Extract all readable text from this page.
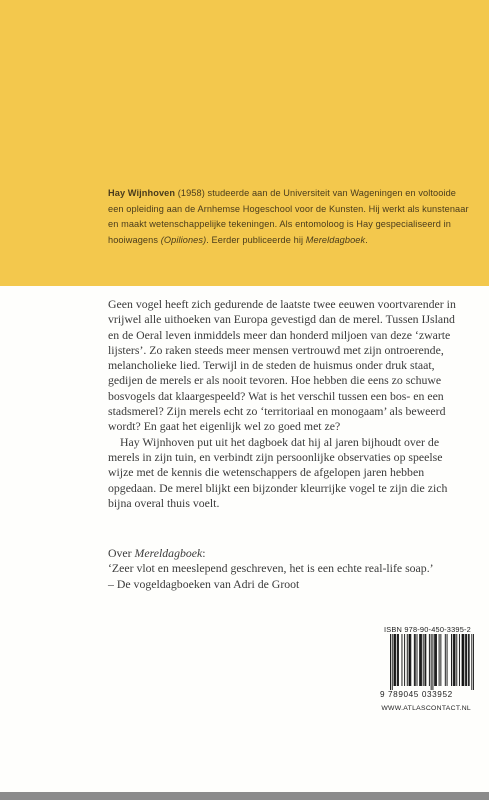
Hay Wijnhoven (1958) studeerde aan de Universiteit van Wageningen en voltooide een opleiding aan de Arnhemse Hogeschool voor de Kunsten. Hij werkt als kunstenaar en maakt wetenschappelijke tekeningen. Als entomoloog is Hay gespecialiseerd in hooiwagens (Opiliones). Eerder publiceerde hij Mereldagboek.

Geen vogel heeft zich gedurende de laatste twee eeuwen voortvarender in vrijwel alle uithoeken van Europa gevestigd dan de merel. Tussen IJsland en de Oeral leven inmiddels meer dan honderd miljoen van deze ‘zwarte lijsters’. Zo raken steeds meer mensen vertrouwd met zijn ontroerende, melancholieke lied. Terwijl in de steden de huismus onder druk staat, gedijen de merels er als nooit tevoren. Hoe hebben die eens zo schuwe bosvogels dat klaargespeeld? Wat is het verschil tussen een bos- en een stadsmerel? Zijn merels echt zo ‘territoriaal en monogaam’ als beweerd wordt? En gaat het eigenlijk wel zo goed met ze?

Hay Wijnhoven put uit het dagboek dat hij al jaren bijhoudt over de merels in zijn tuin, en verbindt zijn persoonlijke observaties op speelse wijze met de kennis die wetenschappers de afgelopen jaren hebben opgedaan. De merel blijkt een bijzonder kleurrijke vogel te zijn die zich bijna overal thuis voelt.

Over Mereldagboek:
‘Zeer vlot en meeslepend geschreven, het is een echte real-life soap.’
– De vogeldagboeken van Adri de Groot
ISBN 978-90-450-3395-2
9 789045 033952
WWW.ATLASCONTACT.NL
